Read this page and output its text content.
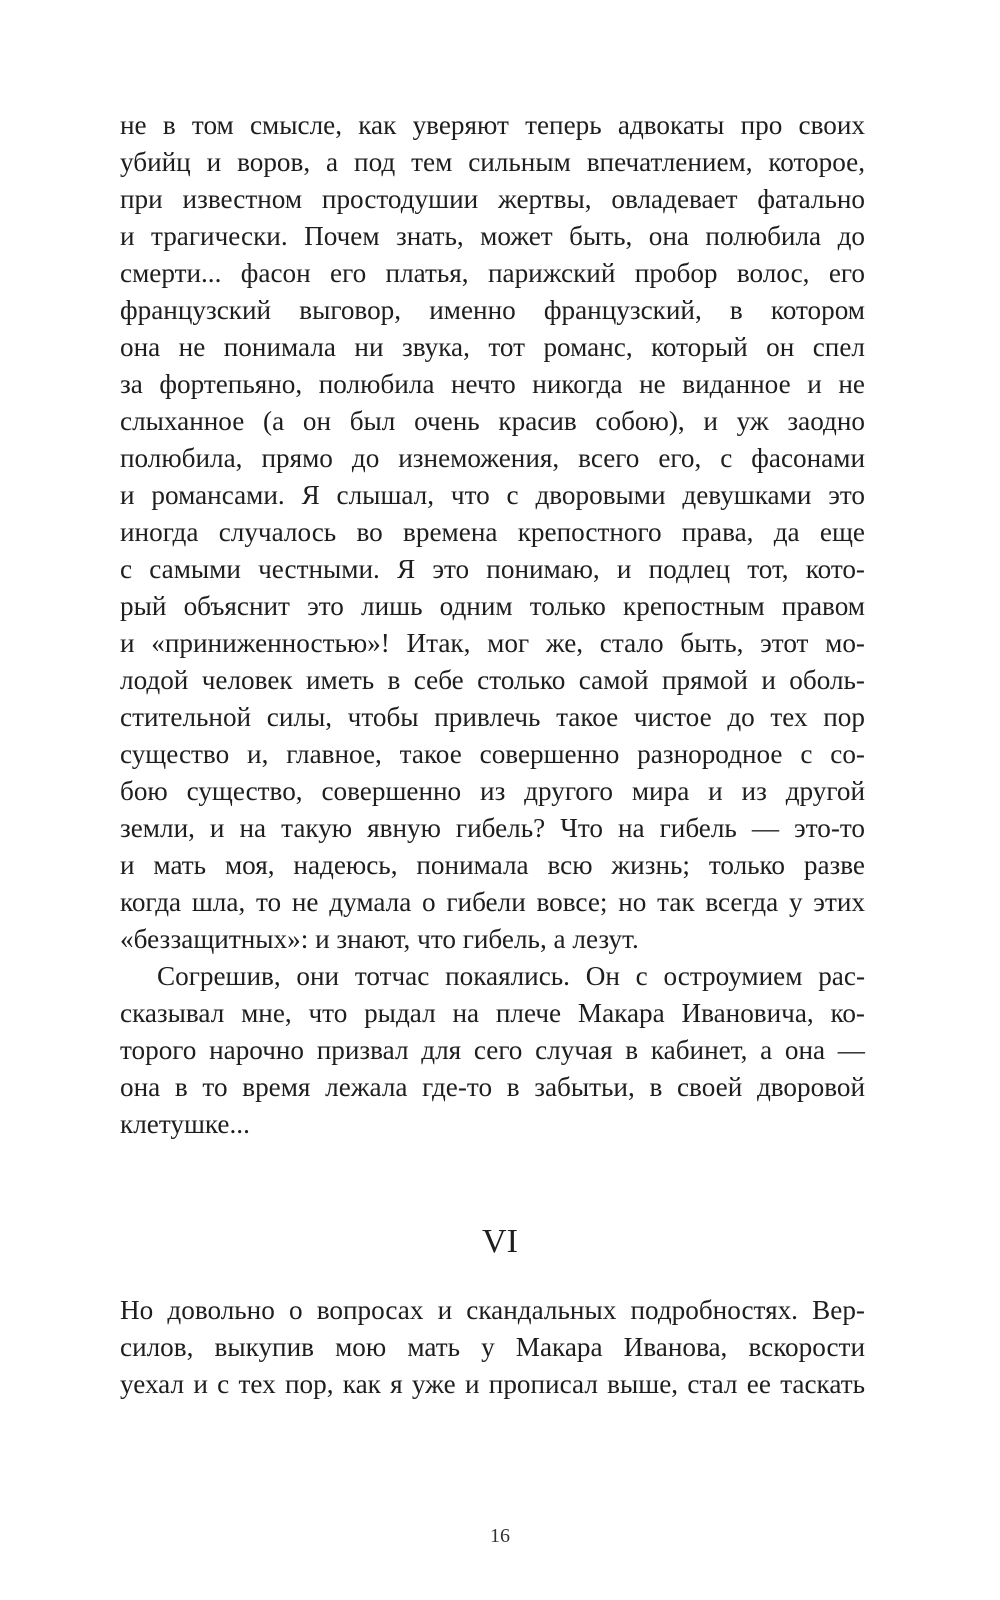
не в том смысле, как уверяют теперь адвокаты про своих
убийц и воров, а под тем сильным впечатлением, которое,
при известном простодушии жертвы, овладевает фатально
и трагически. Почем знать, может быть, она полюбила до
смерти... фасон его платья, парижский пробор волос, его
французский выговор, именно французский, в котором
она не понимала ни звука, тот романс, который он спел
за фортепьяно, полюбила нечто никогда не виданное и не
слыханное (а он был очень красив собою), и уж заодно
полюбила, прямо до изнеможения, всего его, с фасонами
и романсами. Я слышал, что с дворовыми девушками это
иногда случалось во времена крепостного права, да еще
с самыми честными. Я это понимаю, и подлец тот, кото-
рый объяснит это лишь одним только крепостным правом
и «приниженностью»! Итак, мог же, стало быть, этот мо-
лодой человек иметь в себе столько самой прямой и оболь-
стительной силы, чтобы привлечь такое чистое до тех пор
существо и, главное, такое совершенно разнородное с со-
бою существо, совершенно из другого мира и из другой
земли, и на такую явную гибель? Что на гибель — это-то
и мать моя, надеюсь, понимала всю жизнь; только разве
когда шла, то не думала о гибели вовсе; но так всегда у этих
«беззащитных»: и знают, что гибель, а лезут.
Согрешив, они тотчас покаялись. Он с остроумием рас-
сказывал мне, что рыдал на плече Макара Ивановича, ко-
торого нарочно призвал для сего случая в кабинет, а она —
она в то время лежала где-то в забытьи, в своей дворовой
клетушке...
VI
Но довольно о вопросах и скандальных подробностях. Вер-
силов, выкупив мою мать у Макара Иванова, вскорости
уехал и с тех пор, как я уже и прописал выше, стал ее таскать
16
